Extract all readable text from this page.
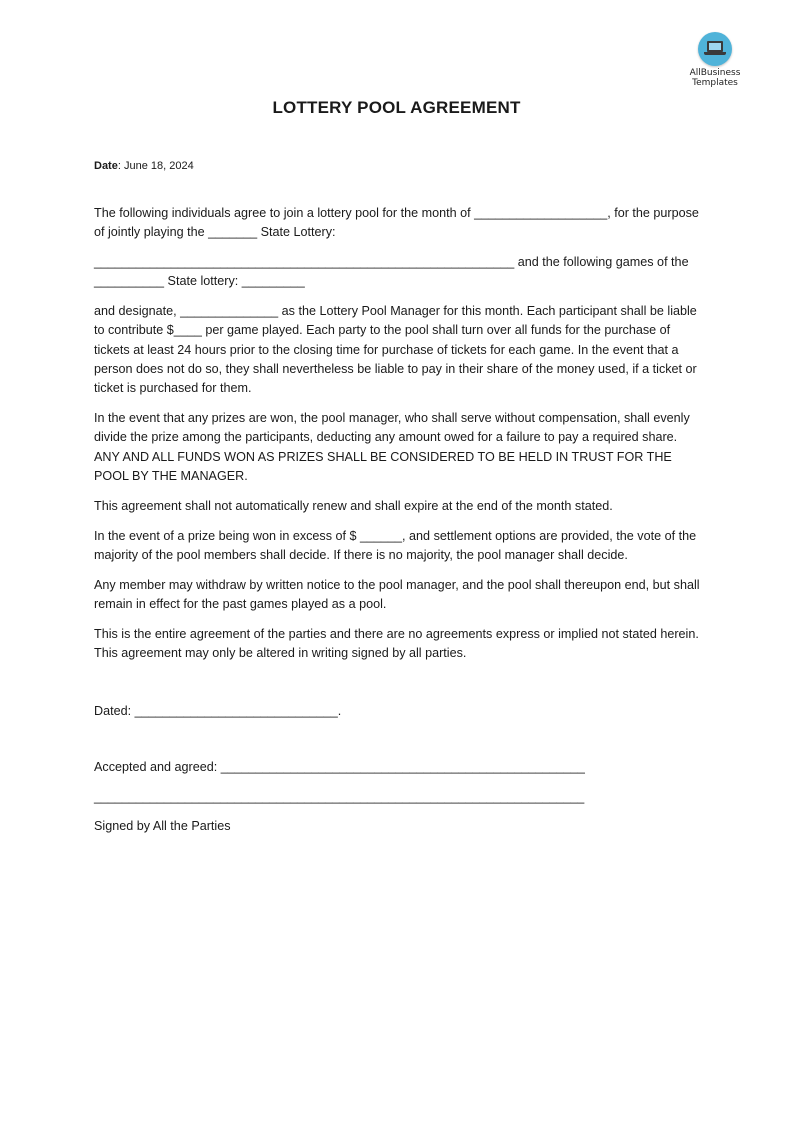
AllBusiness
Templates
LOTTERY POOL AGREEMENT
Date: June 18, 2024

The following individuals agree to join a lottery pool for the month of ___________________, for the purpose of jointly playing the _______ State Lottery:

____________________________________________________________ and the following games of the __________ State lottery: _________

and designate, ______________ as the Lottery Pool Manager for this month. Each participant shall be liable to contribute $____ per game played. Each party to the pool shall turn over all funds for the purchase of tickets at least 24 hours prior to the closing time for purchase of tickets for each game. In the event that a person does not do so, they shall nevertheless be liable to pay in their share of the money used, if a ticket or ticket is purchased for them.

In the event that any prizes are won, the pool manager, who shall serve without compensation, shall evenly divide the prize among the participants, deducting any amount owed for a failure to pay a required share. ANY AND ALL FUNDS WON AS PRIZES SHALL BE CONSIDERED TO BE HELD IN TRUST FOR THE POOL BY THE MANAGER.

This agreement shall not automatically renew and shall expire at the end of the month stated.

In the event of a prize being won in excess of $ ______, and settlement options are provided, the vote of the majority of the pool members shall decide. If there is no majority, the pool manager shall decide.

Any member may withdraw by written notice to the pool manager, and the pool shall thereupon end, but shall remain in effect for the past games played as a pool.

This is the entire agreement of the parties and there are no agreements express or implied not stated herein. This agreement may only be altered in writing signed by all parties.

Dated: _____________________________.

Accepted and agreed: ____________________________________________________

______________________________________________________________________

Signed by All the Parties
